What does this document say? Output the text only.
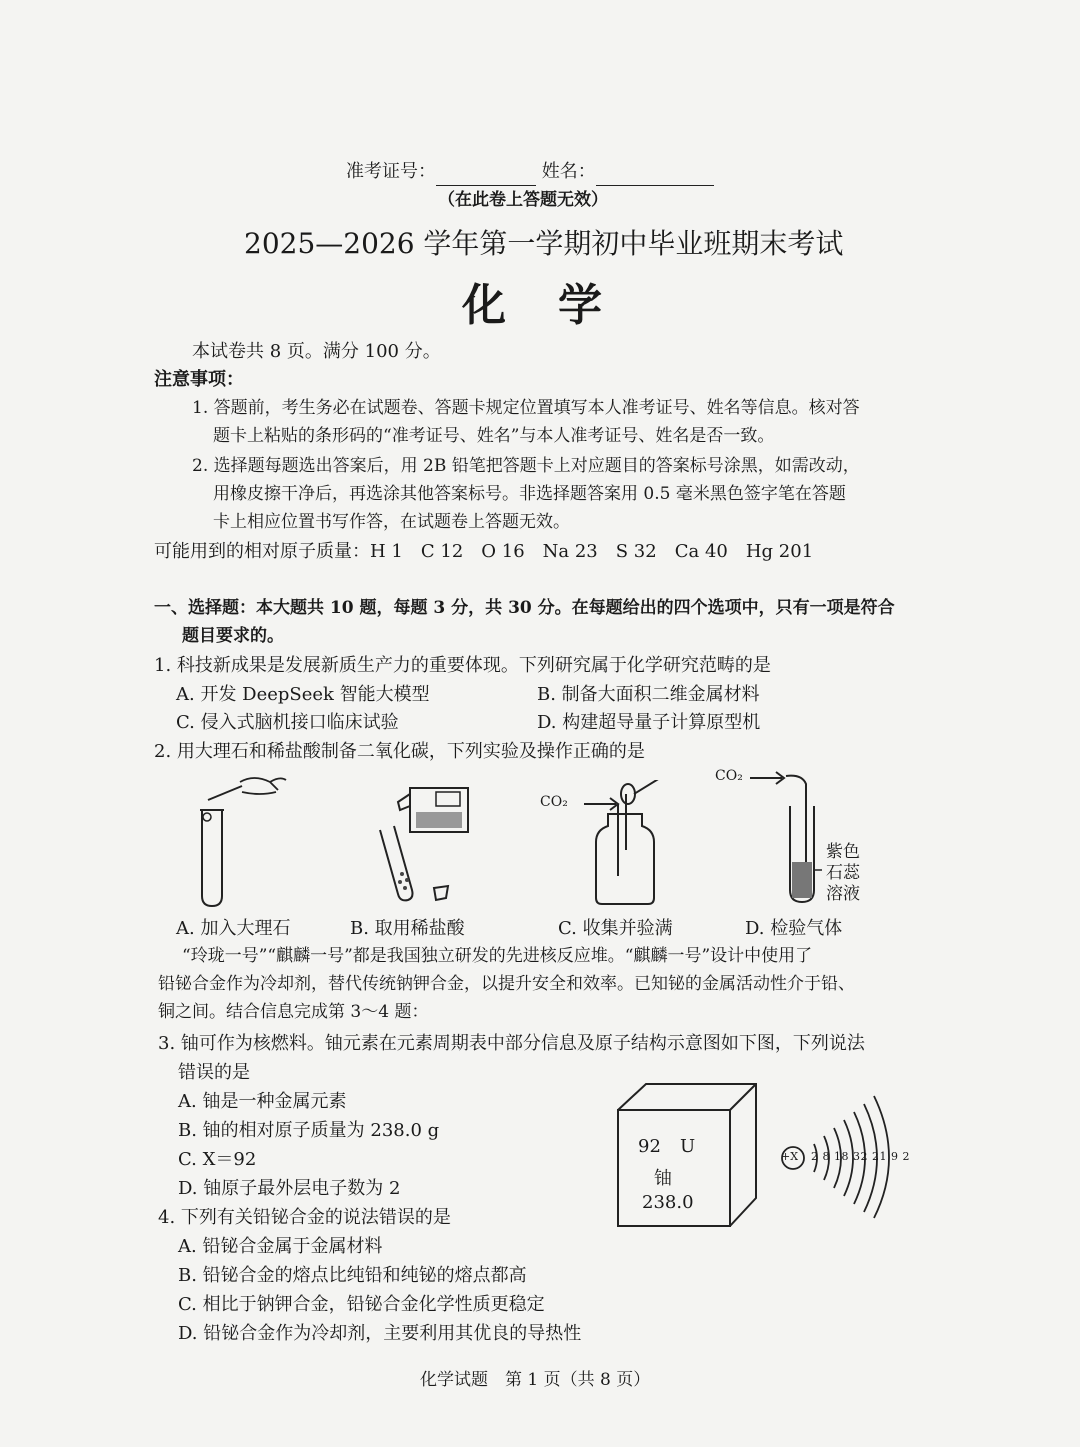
准考证号：	姓名：
（在此卷上答题无效）
2025—2026 学年第一学期初中毕业班期末考试
化　学
本试卷共 8 页。满分 100 分。
注意事项：
1. 答题前，考生务必在试题卷、答题卡规定位置填写本人准考证号、姓名等信息。核对答
题卡上粘贴的条形码的“准考证号、姓名”与本人准考证号、姓名是否一致。
2. 选择题每题选出答案后，用 2B 铅笔把答题卡上对应题目的答案标号涂黑，如需改动，
用橡皮擦干净后，再选涂其他答案标号。非选择题答案用 0.5 毫米黑色签字笔在答题
卡上相应位置书写作答，在试题卷上答题无效。
可能用到的相对原子质量：H 1　C 12　O 16　Na 23　S 32　Ca 40　Hg 201
一、选择题：本大题共 10 题，每题 3 分，共 30 分。在每题给出的四个选项中，只有一项是符合
题目要求的。
1. 科技新成果是发展新质生产力的重要体现。下列研究属于化学研究范畴的是
A. 开发 DeepSeek 智能大模型	B. 制备大面积二维金属材料
C. 侵入式脑机接口临床试验	D. 构建超导量子计算原型机
2. 用大理石和稀盐酸制备二氧化碳，下列实验及操作正确的是
CO₂
CO₂
紫色
石蕊
溶液
A. 加入大理石	B. 取用稀盐酸	C. 收集并验满	D. 检验气体
“玲珑一号”“麒麟一号”都是我国独立研发的先进核反应堆。“麒麟一号”设计中使用了
铅铋合金作为冷却剂，替代传统钠钾合金，以提升安全和效率。已知铋的金属活动性介于铅、
铜之间。结合信息完成第 3～4 题：
3. 铀可作为核燃料。铀元素在元素周期表中部分信息及原子结构示意图如下图，下列说法
错误的是
A. 铀是一种金属元素
B. 铀的相对原子质量为 238.0 g
C. X＝92
D. 铀原子最外层电子数为 2
92 U
铀
238.0
+X 2 8 18 32 21 9 2
4. 下列有关铅铋合金的说法错误的是
A. 铅铋合金属于金属材料
B. 铅铋合金的熔点比纯铅和纯铋的熔点都高
C. 相比于钠钾合金，铅铋合金化学性质更稳定
D. 铅铋合金作为冷却剂，主要利用其优良的导热性
化学试题　第 1 页（共 8 页）
